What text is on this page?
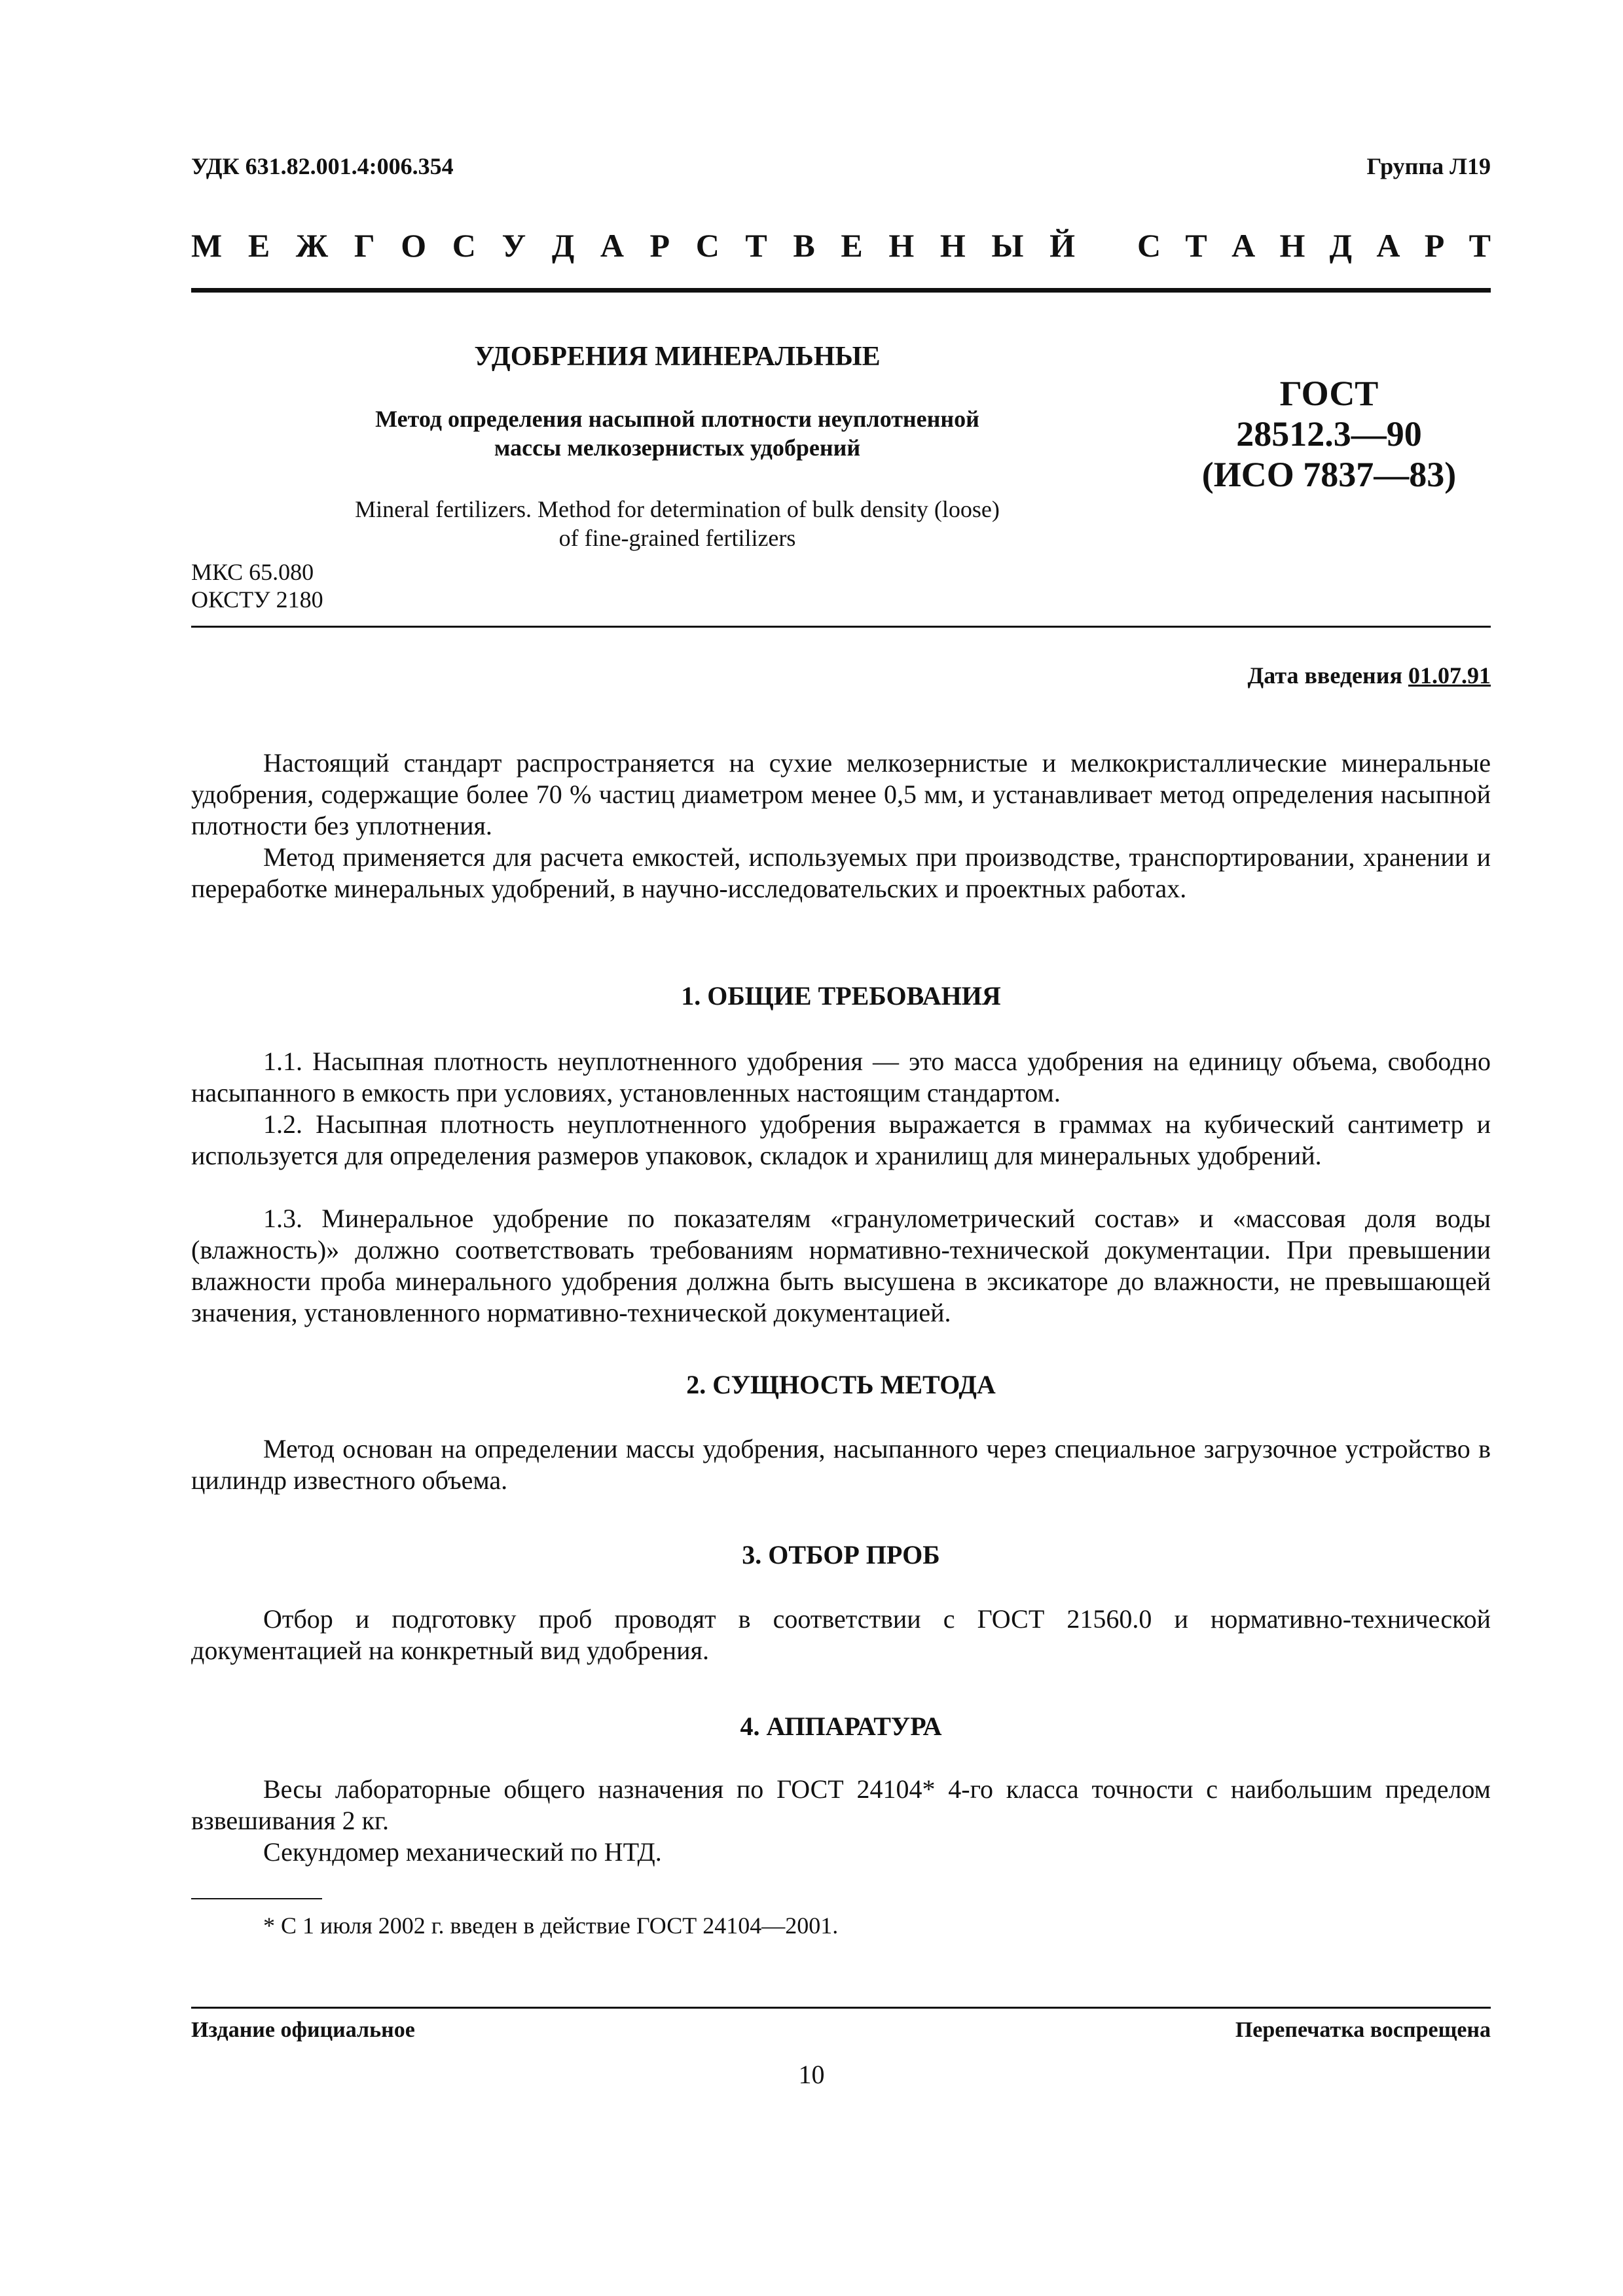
УДК 631.82.001.4:006.354	Группа Л19
М Е Ж Г О С У Д А Р С Т В Е Н Н Ы Й С Т А Н Д А Р Т
УДОБРЕНИЯ МИНЕРАЛЬНЫЕ
Метод определения насыпной плотности неуплотненной
массы мелкозернистых удобрений
Mineral fertilizers. Method for determination of bulk density (loose)
of fine-grained fertilizers
МКС 65.080
ОКСТУ 2180
ГОСТ
28512.3—90
(ИСО 7837—83)
Дата введения 01.07.91
Настоящий стандарт распространяется на сухие мелкозернистые и мелкокристаллические минеральные удобрения, содержащие более 70 % частиц диаметром менее 0,5 мм, и устанавливает метод определения насыпной плотности без уплотнения.
Метод применяется для расчета емкостей, используемых при производстве, транспортировании, хранении и переработке минеральных удобрений, в научно-исследовательских и проектных работах.
1. ОБЩИЕ ТРЕБОВАНИЯ
1.1. Насыпная плотность неуплотненного удобрения — это масса удобрения на единицу объема, свободно насыпанного в емкость при условиях, установленных настоящим стандартом.
1.2. Насыпная плотность неуплотненного удобрения выражается в граммах на кубический сантиметр и используется для определения размеров упаковок, складок и хранилищ для минеральных удобрений.
1.3. Минеральное удобрение по показателям «гранулометрический состав» и «массовая доля воды (влажность)» должно соответствовать требованиям нормативно-технической документации. При превышении влажности проба минерального удобрения должна быть высушена в эксикаторе до влажности, не превышающей значения, установленного нормативно-технической документацией.
2. СУЩНОСТЬ МЕТОДА
Метод основан на определении массы удобрения, насыпанного через специальное загрузочное устройство в цилиндр известного объема.
3. ОТБОР ПРОБ
Отбор и подготовку проб проводят в соответствии с ГОСТ 21560.0 и нормативно-технической документацией на конкретный вид удобрения.
4. АППАРАТУРА
Весы лабораторные общего назначения по ГОСТ 24104* 4-го класса точности с наибольшим пределом взвешивания 2 кг.
Секундомер механический по НТД.
* С 1 июля 2002 г. введен в действие ГОСТ 24104—2001.
Издание официальное	Перепечатка воспрещена
10
